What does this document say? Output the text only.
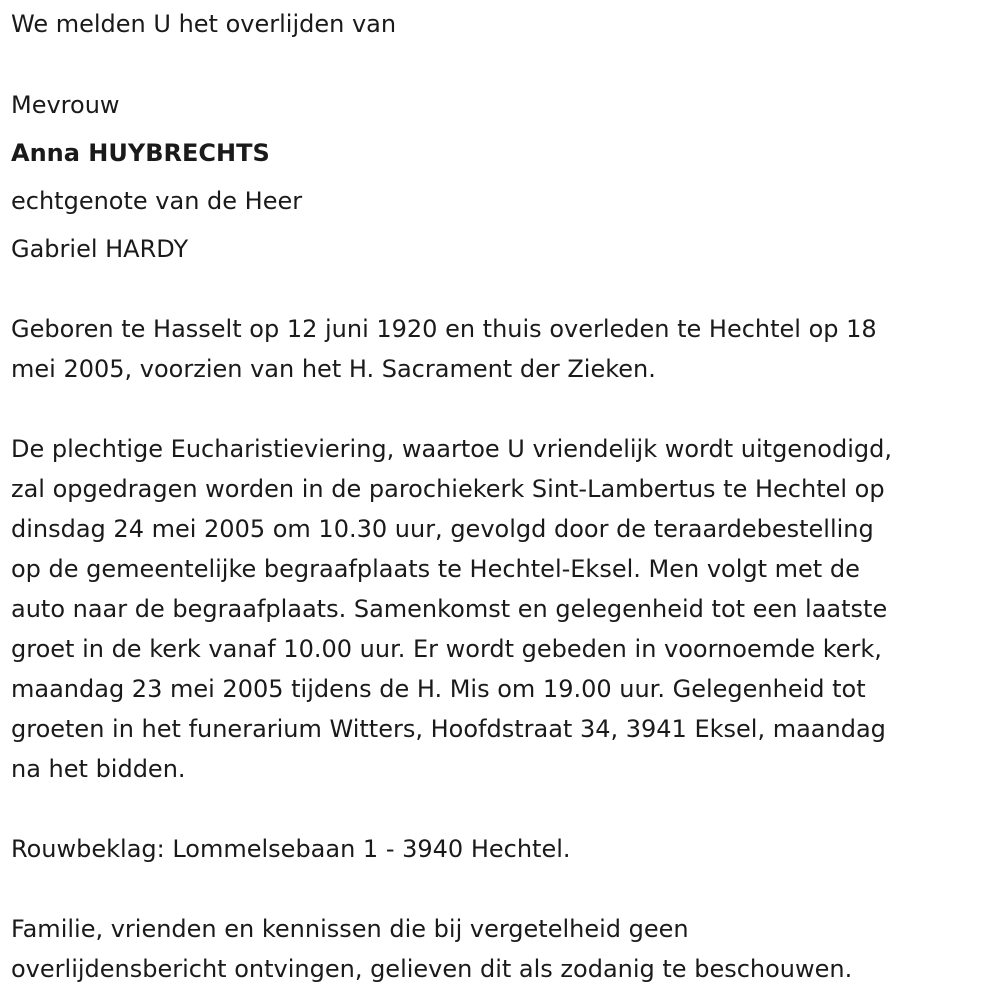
We melden U het overlijden van
Mevrouw
Anna HUYBRECHTS
echtgenote van de Heer
Gabriel HARDY
Geboren te Hasselt op 12 juni 1920 en thuis overleden te Hechtel op 18
mei 2005, voorzien van het H. Sacrament der Zieken.
De plechtige Eucharistieviering, waartoe U vriendelijk wordt uitgenodigd,
zal opgedragen worden in de parochiekerk Sint-Lambertus te Hechtel op
dinsdag 24 mei 2005 om 10.30 uur, gevolgd door de teraardebestelling
op de gemeentelijke begraafplaats te Hechtel-Eksel. Men volgt met de
auto naar de begraafplaats. Samenkomst en gelegenheid tot een laatste
groet in de kerk vanaf 10.00 uur. Er wordt gebeden in voornoemde kerk,
maandag 23 mei 2005 tijdens de H. Mis om 19.00 uur. Gelegenheid tot
groeten in het funerarium Witters, Hoofdstraat 34, 3941 Eksel, maandag
na het bidden.
Rouwbeklag: Lommelsebaan 1 - 3940 Hechtel.
Familie, vrienden en kennissen die bij vergetelheid geen
overlijdensbericht ontvingen, gelieven dit als zodanig te beschouwen.
